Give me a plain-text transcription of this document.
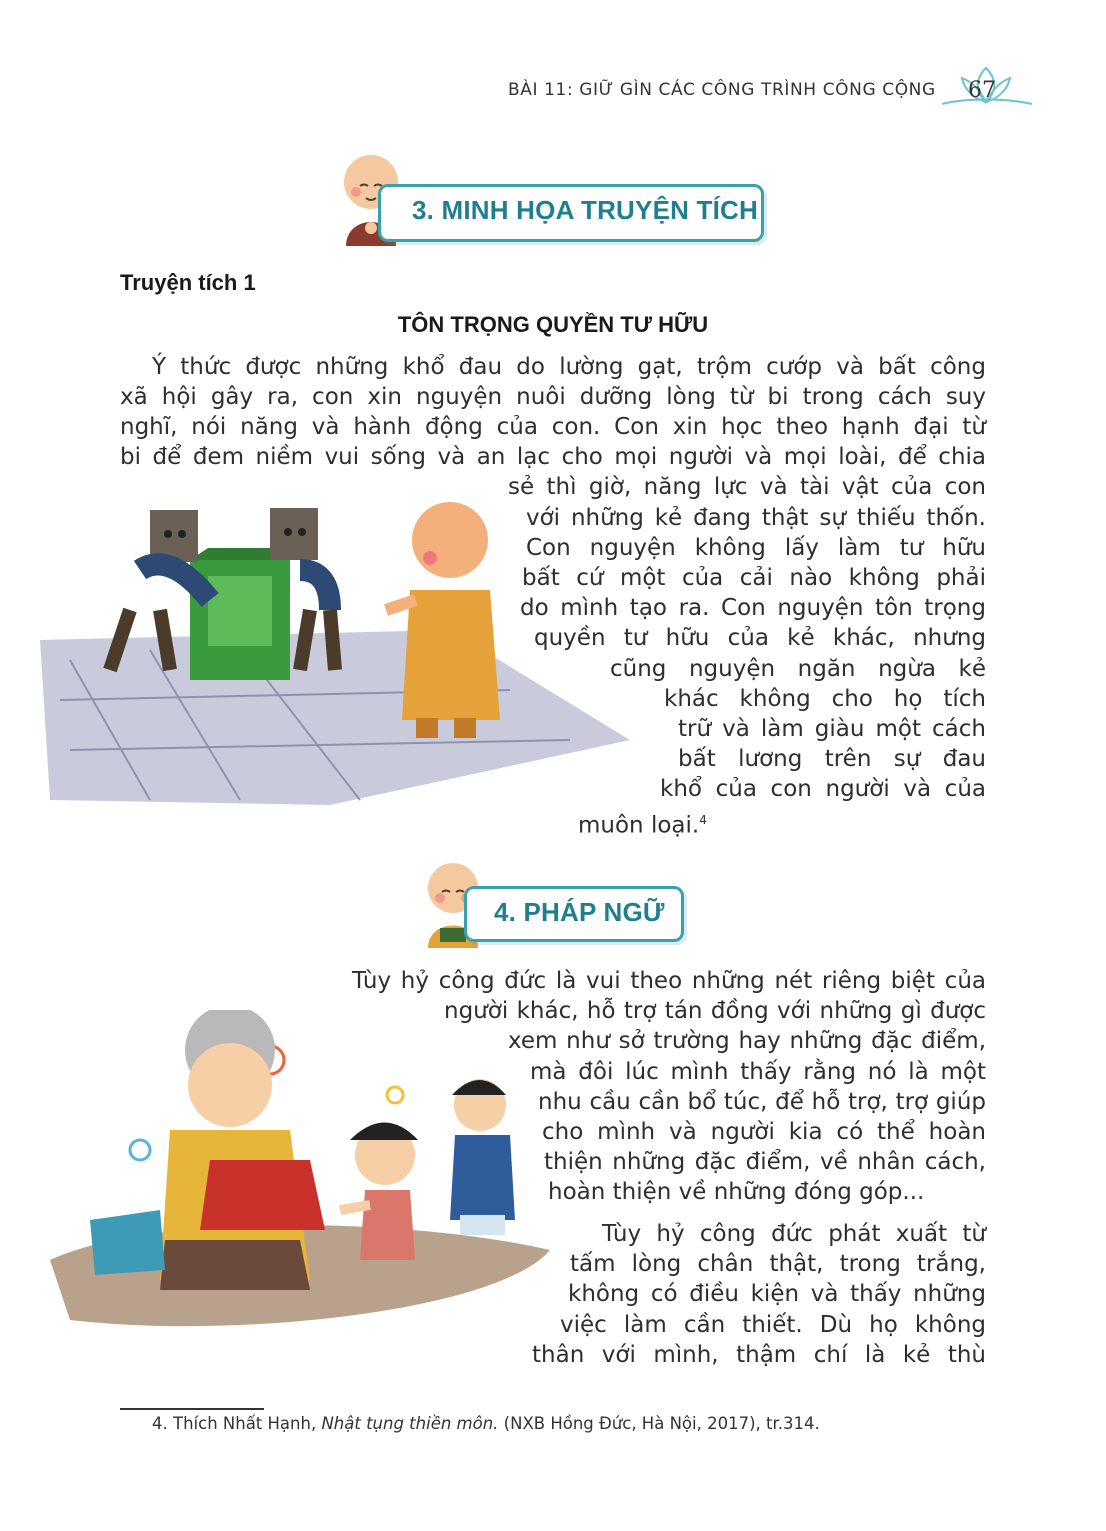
BÀI 11: GIỮ GÌN CÁC CÔNG TRÌNH CÔNG CỘNG 67
3. MINH HỌA TRUYỆN TÍCH
Truyện tích 1
TÔN TRỌNG QUYỀN TƯ HỮU
Ý thức được những khổ đau do lường gạt, trộm cướp và bất công
xã hội gây ra, con xin nguyện nuôi dưỡng lòng từ bi trong cách suy
nghĩ, nói năng và hành động của con. Con xin học theo hạnh đại từ
bi để đem niềm vui sống và an lạc cho mọi người và mọi loài, để chia
sẻ thì giờ, năng lực và tài vật của con
với những kẻ đang thật sự thiếu thốn.
Con nguyện không lấy làm tư hữu
bất cứ một của cải nào không phải
do mình tạo ra. Con nguyện tôn trọng
quyền tư hữu của kẻ khác, nhưng
cũng nguyện ngăn ngừa kẻ
khác không cho họ tích
trữ và làm giàu một cách
bất lương trên sự đau
khổ của con người và của
muôn loại.$^4$
4. PHÁP NGỮ
Tùy hỷ công đức là vui theo những nét riêng biệt của
người khác, hỗ trợ tán đồng với những gì được
xem như sở trường hay những đặc điểm,
mà đôi lúc mình thấy rằng nó là một
nhu cầu cần bổ túc, để hỗ trợ, trợ giúp
cho mình và người kia có thể hoàn
thiện những đặc điểm, về nhân cách,
hoàn thiện về những đóng góp...
Tùy hỷ công đức phát xuất từ
tấm lòng chân thật, trong trắng,
không có điều kiện và thấy những
việc làm cần thiết. Dù họ không
thân với mình, thậm chí là kẻ thù
4. Thích Nhất Hạnh, Nhật tụng thiền môn. (NXB Hồng Đức, Hà Nội, 2017), tr.314.
